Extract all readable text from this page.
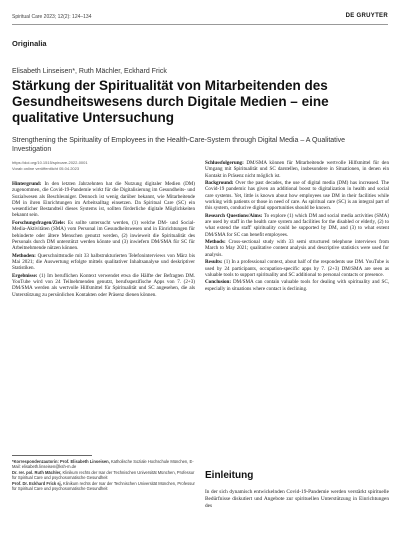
Spiritual Care 2023; 12(2): 124–134	DE GRUYTER
Originalia
Elisabeth Linseisen*, Ruth Mächler, Eckhard Frick
Stärkung der Spiritualität von Mitarbeitenden des Gesundheitswesens durch Digitale Medien – eine qualitative Untersuchung

Strengthening the Spirituality of Employees in the Health-Care-System through Digital Media – A Qualitative Investigation

https://doi.org/10.1515/spircare-2022-0001
Vorab online veröffentlicht 05.04.2023

Hintergrund: In den letzten Jahrzehnten hat die Nutzung digitaler Medien (DM) zugenommen, die Covid-19-Pandemie wirkt für die Digitalisierung im Gesundheits- und Sozialwesen als Beschleuniger. Dennoch ist wenig darüber bekannt, wie Mitarbeitende DM in ihren Einrichtungen im Arbeitsalltag einsetzen. Da Spiritual Care (SC) ein wesentlicher Bestandteil dieses Systems ist, sollten förderliche digitale Möglichkeiten bekannt sein.

Forschungsfragen/Ziele: Es sollte untersucht werden, (1) welche DM- und Social-Media-Aktivitäten (SMA) vom Personal im Gesundheitswesen und in Einrichtungen für behinderte oder ältere Menschen genutzt werden, (2) inwieweit die Spiritualität des Personals durch DM unterstützt werden könnte und (3) inwiefern DM/SMA für SC für Arbeitnehmende nützen können.

Methoden: Querschnittstudie mit 33 halbstrukturierten Telefoninterviews von März bis Mai 2021; die Auswertung erfolgte mittels qualitativer Inhaltsanalyse und deskriptiver Statistiken.

Ergebnisse: (1) Im beruflichen Kontext verwendet etwa die Hälfte der Befragten DM. YouTube wird von 24 Teilnehmenden genutzt, berufsspezifische Apps von 7. (2+3) DM/SMA werden als wertvolle Hilfsmittel für Spiritualität und SC angesehen, die als Unterstützung zu persönlichen Kontakten oder Präsenz dienen können.

Schlussfolgerung: DM/SMA können für Mitarbeitende wertvolle Hilfsmittel für den Umgang mit Spiritualität und SC darstellen, insbesondere in Situationen, in denen ein Kontakt in Präsenz nicht möglich ist.

Background: Over the past decades, the use of digital media (DM) has increased. The Covid-19 pandemic has given an additional boost to digitalization in health and social care systems. Yet, little is known about how employees use DM in their facilities while working with patients or those in need of care. As spiritual care (SC) is an integral part of this system, conducive digital opportunities should be known.

Research Questions/Aims: To explore (1) which DM and social media activities (SMA) are used by staff in the health care system and facilities for the disabled or elderly, (2) to what extend the staff' spirituality could be supported by DM, and (3) to what extent DM/SMA for SC can benefit employees.

Methods: Cross-sectional study with 33 semi structured telephone interviews from March to May 2021; qualitative content analysis and descriptive statistics were used for analysis.

Results: (1) In a professional context, about half of the respondents use DM. YouTube is used by 24 participants, occupation-specific apps by 7. (2+3) DM/SMA are seen as valuable tools to support spirituality and SC additional to personal contacts or presence.

Conclusion: DM/SMA can contain valuable tools for dealing with spirituality and SC, especially in situations where contact is declining.

*Korrespondenzautorin: Prof. Elisabeth Linseisen, Katholische Soziale Hochschule München, E-Mail: elisabeth.linseisen@ksh-m.de

Dr. rer. pol. Ruth Mächler, Klinikum rechts der Isar der Technischen Universität München, Professur für Spiritual Care und psychosomatische Gesundheit

Prof. Dr. Eckhard Frick sj, Klinikum rechts der Isar der Technischen Universität München, Professur für Spiritual Care und psychosomatische Gesundheit

Einleitung

In der sich dynamisch entwickelnden Covid-19-Pandemie werden verstärkt spirituelle Bedürfnisse diskutiert und Angebote zur spirituellen Unterstützung in Einrichtungen des
